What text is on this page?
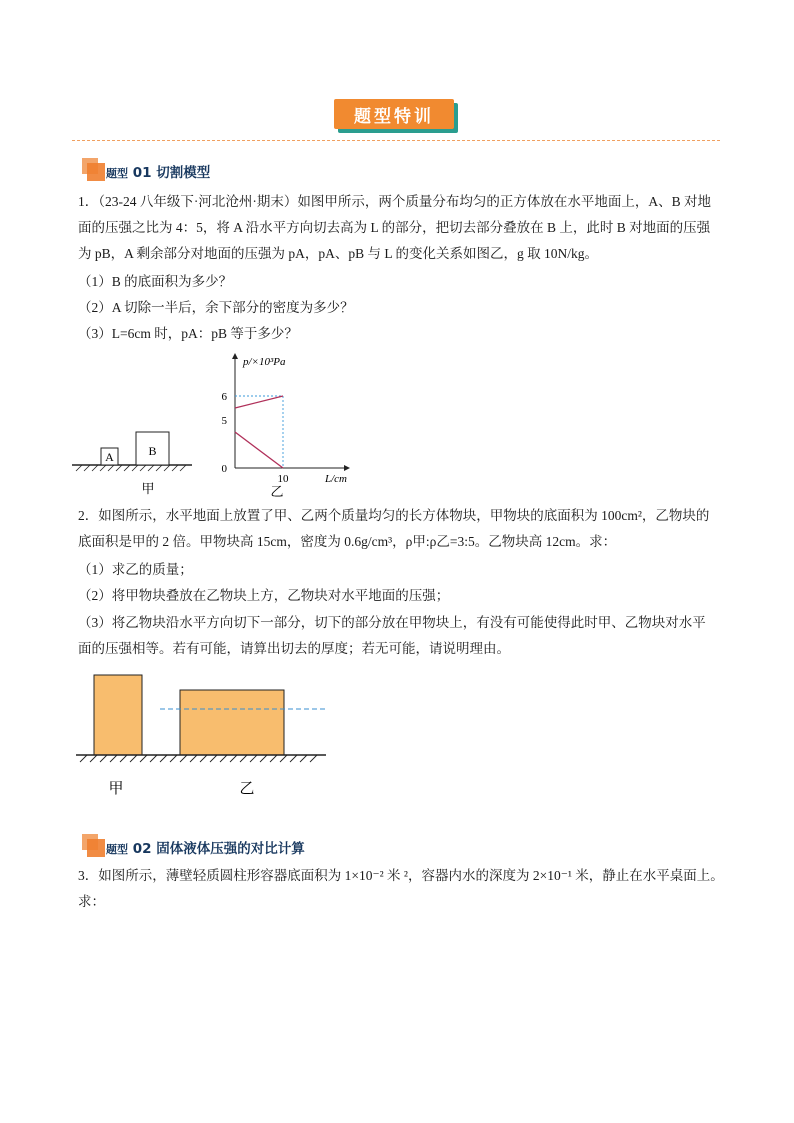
题型特训
题型 01 切割模型
1．（23-24 八年级下·河北沧州·期末）如图甲所示，两个质量分布均匀的正方体放在水平地面上，A、B 对地
面的压强之比为 4：5，将 A 沿水平方向切去高为 L 的部分，把切去部分叠放在 B 上，此时 B 对地面的压强
为 pB，A 剩余部分对地面的压强为 pA，pA、pB 与 L 的变化关系如图乙，g 取 10N/kg。
（1）B 的底面积为多少？
（2）A 切除一半后，余下部分的密度为多少？
（3）L=6cm 时，pA：pB 等于多少？
A	B
甲
p/×10³Pa
L/cm
6
5
0
10
乙
2．如图所示，水平地面上放置了甲、乙两个质量均匀的长方体物块，甲物块的底面积为 100cm²，乙物块的
底面积是甲的 2 倍。甲物块高 15cm，密度为 0.6g/cm³，ρ甲:ρ乙=3:5。乙物块高 12cm。求：
（1）求乙的质量；
（2）将甲物块叠放在乙物块上方，乙物块对水平地面的压强；
（3）将乙物块沿水平方向切下一部分，切下的部分放在甲物块上，有没有可能使得此时甲、乙物块对水平
面的压强相等。若有可能，请算出切去的厚度；若无可能，请说明理由。
甲	乙
题型 02 固体液体压强的对比计算
3．如图所示，薄壁轻质圆柱形容器底面积为 1×10⁻² 米 ²，容器内水的深度为 2×10⁻¹ 米，静止在水平桌面上。
求：
